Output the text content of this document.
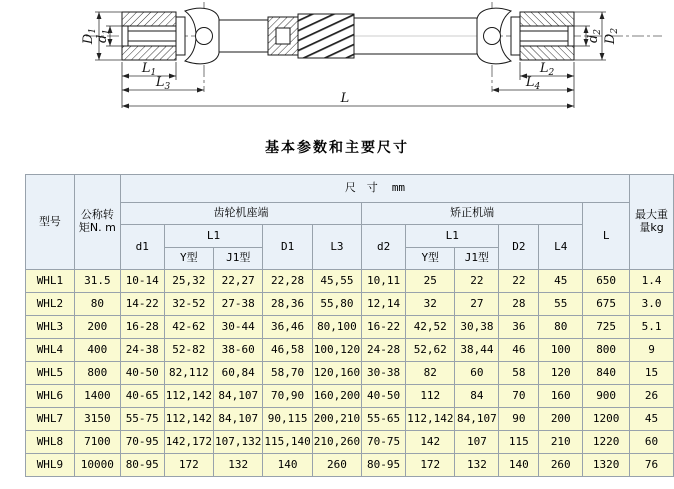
$D_1$
$d_1$
$d_2$
$D_2$
$L_1$
$L_3$
$L_2$
$L_4$
L
基本参数和主要尺寸
型号	公称转矩N. m	尺　寸 mm											最大重量kg
		齿轮机座端					矫正机端					L	
		d1	L1		D1	L3	d2	L1		D2	L4		
			Y型	J1型				Y型	J1型				
WHL1	31.5	10-14	25,32	22,27	22,28	45,55	10,11	25	22	22	45	650	1.4
WHL2	80	14-22	32-52	27-38	28,36	55,80	12,14	32	27	28	55	675	3.0
WHL3	200	16-28	42-62	30-44	36,46	80,100	16-22	42,52	30,38	36	80	725	5.1
WHL4	400	24-38	52-82	38-60	46,58	100,120	24-28	52,62	38,44	46	100	800	9
WHL5	800	40-50	82,112	60,84	58,70	120,160	30-38	82	60	58	120	840	15
WHL6	1400	40-65	112,142	84,107	70,90	160,200	40-50	112	84	70	160	900	26
WHL7	3150	55-75	112,142	84,107	90,115	200,210	55-65	112,142	84,107	90	200	1200	45
WHL8	7100	70-95	142,172	107,132	115,140	210,260	70-75	142	107	115	210	1220	60
WHL9	10000	80-95	172	132	140	260	80-95	172	132	140	260	1320	76
